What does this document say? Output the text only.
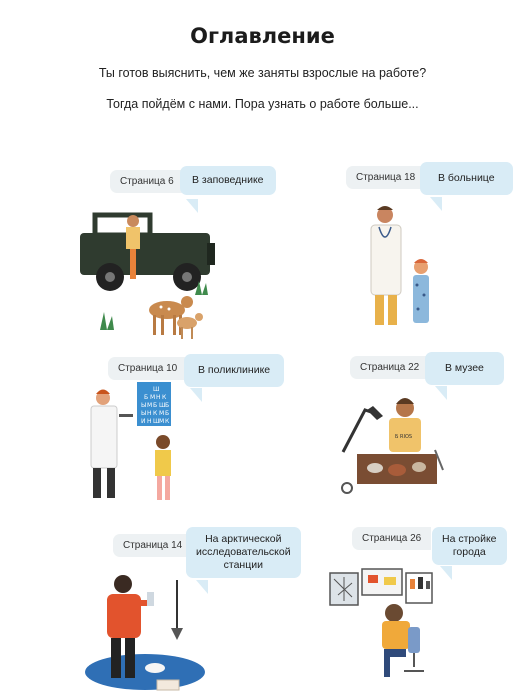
Оглавление
Ты готов выяснить, чем же заняты взрослые на работе?
Тогда пойдём с нами. Пора узнать о работе больше...
Страница 6	В заповеднике	Страница 18	В больнице
Страница 10	В поликлинике
Ш
Б М Н К
Ы М Б Ш Б
Ы Н К М Б
И Н Ш М К
Страница 22	В музее
Б RIOS
Страница 14
На арктической
исследовательской
станции
Страница 26	На стройке
города
